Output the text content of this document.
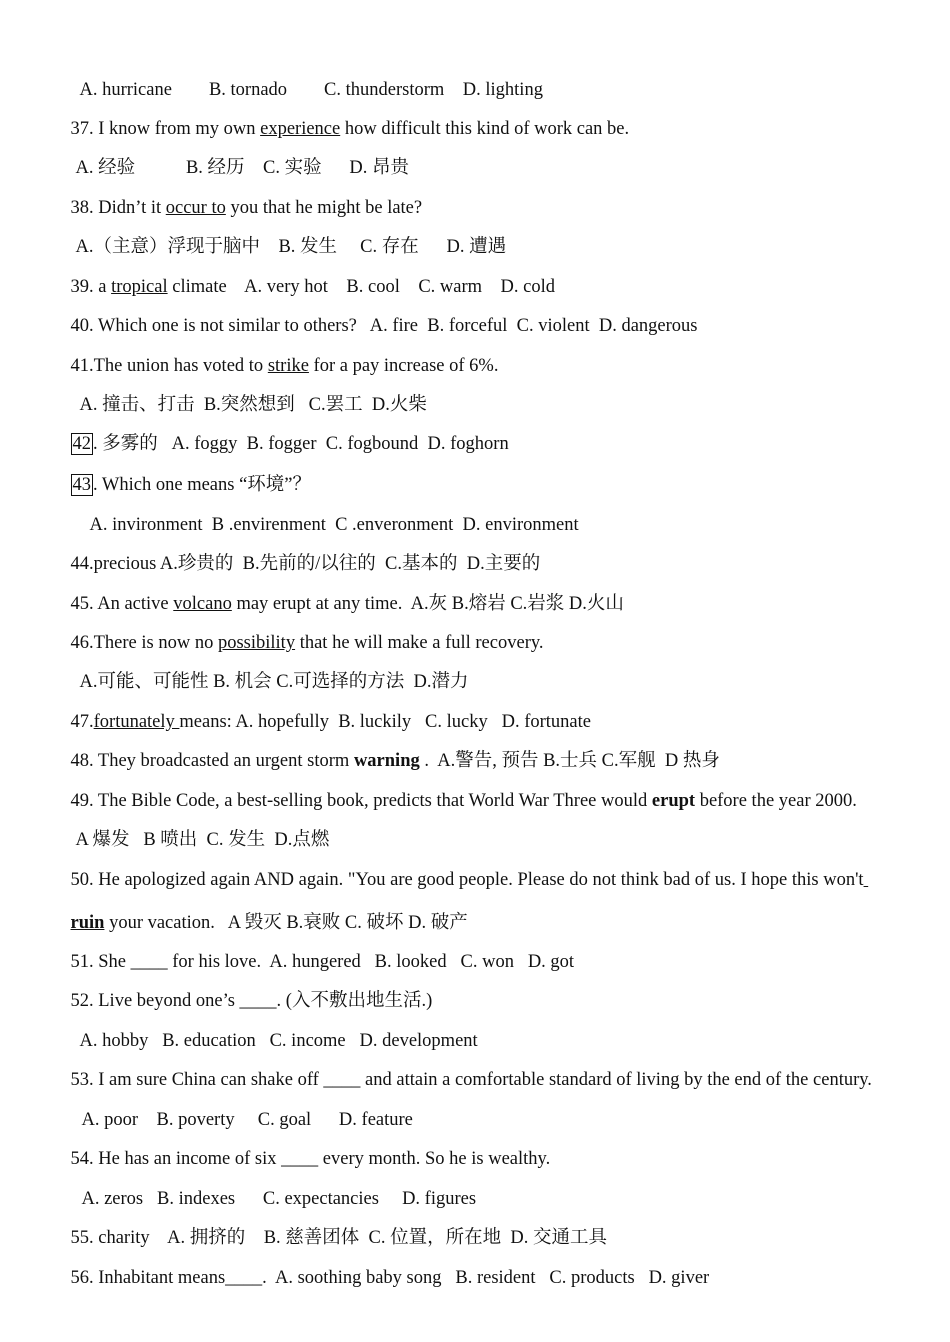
A. hurricane        B. tornado        C. thunderstorm    D. lighting

37. I know from my own experience how difficult this kind of work can be.

A. 经验           B. 经历    C. 实验      D. 昂贵

38. Didn’t it occur to you that he might be late?

A.（主意）浮现于脑中    B. 发生     C. 存在      D. 遭遇

39. a tropical climate    A. very hot    B. cool    C. warm    D. cold

40. Which one is not similar to others?   A. fire  B. forceful  C. violent  D. dangerous

41.The union has voted to strike for a pay increase of 6%.

A. 撞击、打击  B.突然想到   C.罢工  D.火柴

42 . 多雾的   A. foggy  B. fogger  C. fogbound  D. foghorn

43 . Which one means “环境”？

A. invironment  B .envirenment  C .enveronment  D. environment

44.precious A.珍贵的  B.先前的/以往的  C.基本的  D.主要的

45. An active volcano may erupt at any time.  A.灰 B.熔岩 C.岩浆 D.火山

46.There is now no possibility that he will make a full recovery.

A.可能、可能性 B. 机会 C.可选择的方法  D.潜力

47.fortunately means: A. hopefully  B. luckily   C. lucky   D. fortunate

48. They broadcasted an urgent storm warning .  A.警告, 预告 B.士兵 C.军舰  D 热身

49. The Bible Code, a best-selling book, predicts that World War Three would erupt before the year 2000.

A 爆发   B 喷出  C. 发生  D.点燃

50. He apologized again AND again. "You are good people. Please do not think bad of us. I hope this won't

ruin your vacation.   A 毁灭 B.衰败 C. 破坏 D. 破产

51. She ____ for his love.  A. hungered   B. looked   C. won   D. got

52. Live beyond one’s ____. (入不敷出地生活.)

A. hobby   B. education   C. income   D. development

53. I am sure China can shake off ____ and attain a comfortable standard of living by the end of the century.

A. poor    B. poverty     C. goal      D. feature

54. He has an income of six ____ every month. So he is wealthy.

A. zeros   B. indexes      C. expectancies     D. figures

55. charity    A. 拥挤的    B. 慈善团体  C. 位置，所在地  D. 交通工具

56. Inhabitant means____.  A. soothing baby song   B. resident   C. products   D. giver
